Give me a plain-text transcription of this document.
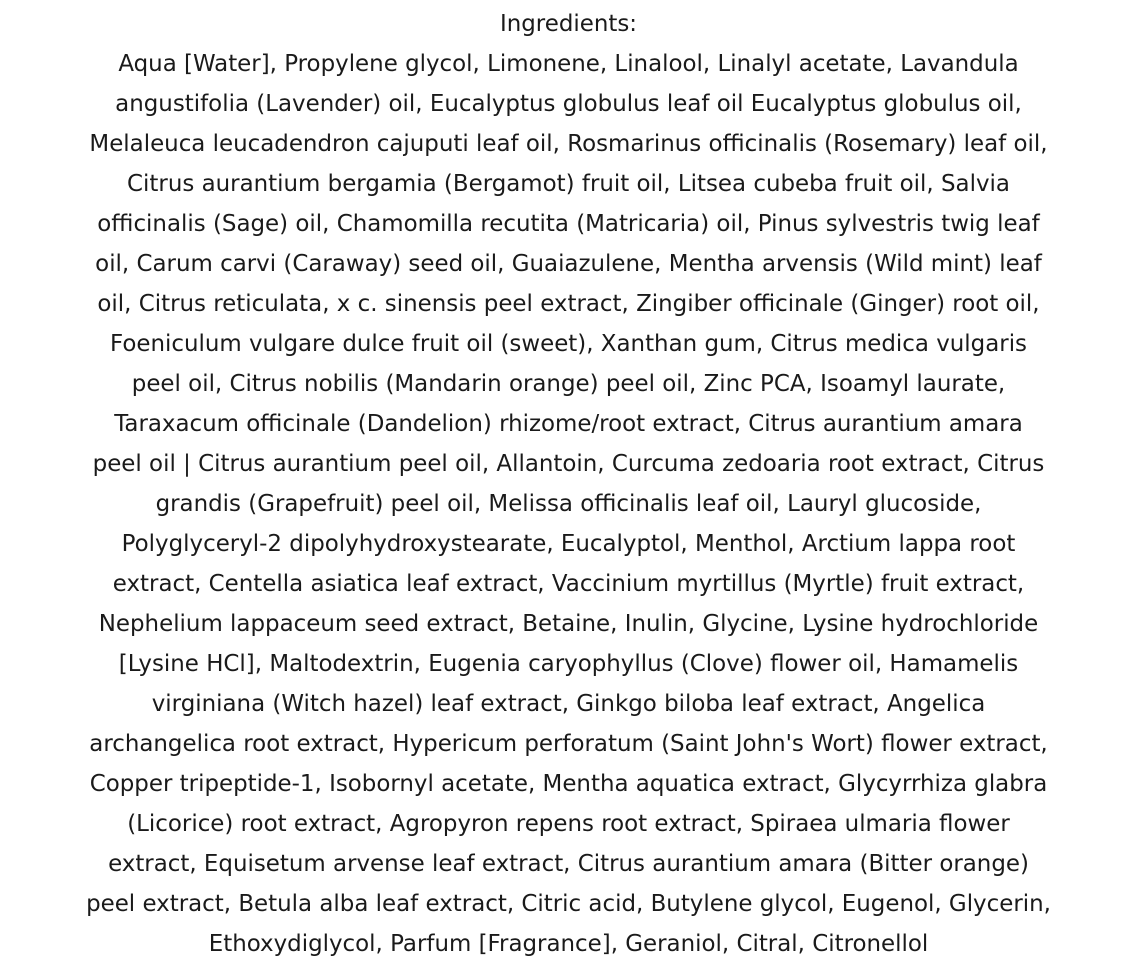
Ingredients:
Aqua [Water], Propylene glycol, Limonene, Linalool, Linalyl acetate, Lavandula
angustifolia (Lavender) oil, Eucalyptus globulus leaf oil Eucalyptus globulus oil,
Melaleuca leucadendron cajuputi leaf oil, Rosmarinus officinalis (Rosemary) leaf oil,
Citrus aurantium bergamia (Bergamot) fruit oil, Litsea cubeba fruit oil, Salvia
officinalis (Sage) oil, Chamomilla recutita (Matricaria) oil, Pinus sylvestris twig leaf
oil, Carum carvi (Caraway) seed oil, Guaiazulene, Mentha arvensis (Wild mint) leaf
oil, Citrus reticulata, x c. sinensis peel extract, Zingiber officinale (Ginger) root oil,
Foeniculum vulgare dulce fruit oil (sweet), Xanthan gum, Citrus medica vulgaris
peel oil, Citrus nobilis (Mandarin orange) peel oil, Zinc PCA, Isoamyl laurate,
Taraxacum officinale (Dandelion) rhizome/root extract, Citrus aurantium amara
peel oil | Citrus aurantium peel oil, Allantoin, Curcuma zedoaria root extract, Citrus
grandis (Grapefruit) peel oil, Melissa officinalis leaf oil, Lauryl glucoside,
Polyglyceryl-2 dipolyhydroxystearate, Eucalyptol, Menthol, Arctium lappa root
extract, Centella asiatica leaf extract, Vaccinium myrtillus (Myrtle) fruit extract,
Nephelium lappaceum seed extract, Betaine, Inulin, Glycine, Lysine hydrochloride
[Lysine HCl], Maltodextrin, Eugenia caryophyllus (Clove) flower oil, Hamamelis
virginiana (Witch hazel) leaf extract, Ginkgo biloba leaf extract, Angelica
archangelica root extract, Hypericum perforatum (Saint John's Wort) flower extract,
Copper tripeptide-1, Isobornyl acetate, Mentha aquatica extract, Glycyrrhiza glabra
(Licorice) root extract, Agropyron repens root extract, Spiraea ulmaria flower
extract, Equisetum arvense leaf extract, Citrus aurantium amara (Bitter orange)
peel extract, Betula alba leaf extract, Citric acid, Butylene glycol, Eugenol, Glycerin,
Ethoxydiglycol, Parfum [Fragrance], Geraniol, Citral, Citronellol
